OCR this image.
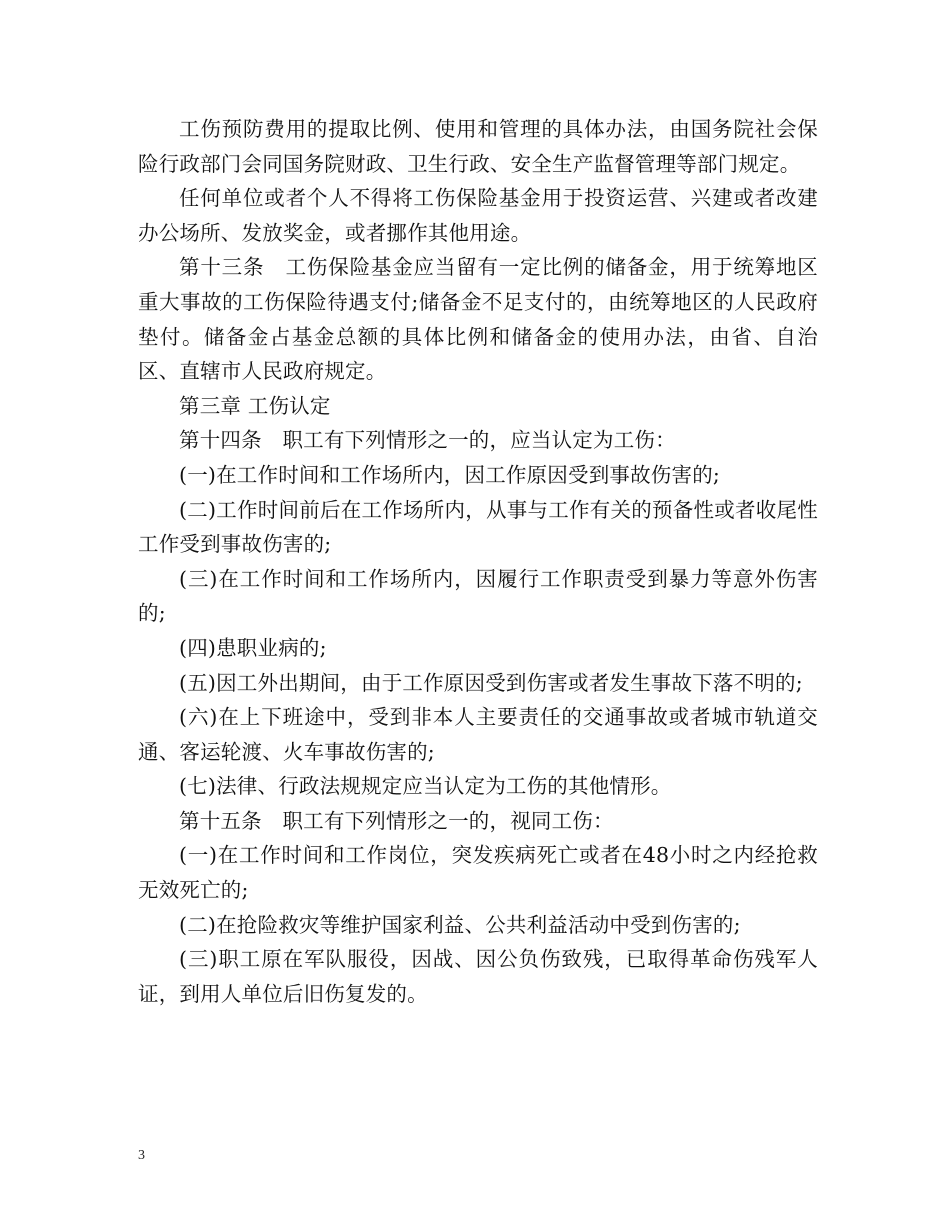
工伤预防费用的提取比例、使用和管理的具体办法，由国务院社会保险行政部门会同国务院财政、卫生行政、安全生产监督管理等部门规定。

任何单位或者个人不得将工伤保险基金用于投资运营、兴建或者改建办公场所、发放奖金，或者挪作其他用途。

第十三条　工伤保险基金应当留有一定比例的储备金，用于统筹地区重大事故的工伤保险待遇支付;储备金不足支付的，由统筹地区的人民政府垫付。储备金占基金总额的具体比例和储备金的使用办法，由省、自治区、直辖市人民政府规定。

第三章 工伤认定

第十四条　职工有下列情形之一的，应当认定为工伤：

(一)在工作时间和工作场所内，因工作原因受到事故伤害的;

(二)工作时间前后在工作场所内，从事与工作有关的预备性或者收尾性工作受到事故伤害的;

(三)在工作时间和工作场所内，因履行工作职责受到暴力等意外伤害的;

(四)患职业病的;

(五)因工外出期间，由于工作原因受到伤害或者发生事故下落不明的;

(六)在上下班途中，受到非本人主要责任的交通事故或者城市轨道交通、客运轮渡、火车事故伤害的;

(七)法律、行政法规规定应当认定为工伤的其他情形。

第十五条　职工有下列情形之一的，视同工伤：

(一)在工作时间和工作岗位，突发疾病死亡或者在48小时之内经抢救无效死亡的;

(二)在抢险救灾等维护国家利益、公共利益活动中受到伤害的;

(三)职工原在军队服役，因战、因公负伤致残，已取得革命伤残军人证，到用人单位后旧伤复发的。

3
